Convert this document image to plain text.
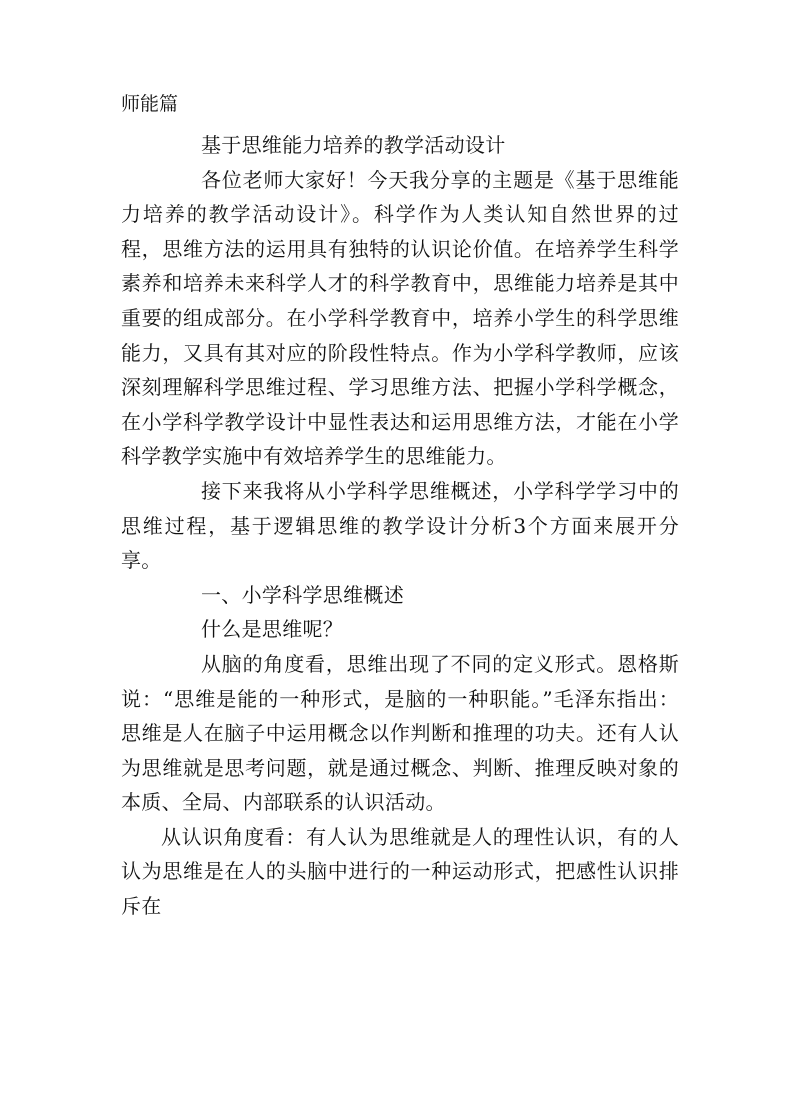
师能篇

基于思维能力培养的教学活动设计

各位老师大家好！今天我分享的主题是《基于思维能力培养的教学活动设计》。科学作为人类认知自然世界的过程，思维方法的运用具有独特的认识论价值。在培养学生科学素养和培养未来科学人才的科学教育中，思维能力培养是其中重要的组成部分。在小学科学教育中，培养小学生的科学思维能力，又具有其对应的阶段性特点。作为小学科学教师，应该深刻理解科学思维过程、学习思维方法、把握小学科学概念，在小学科学教学设计中显性表达和运用思维方法，才能在小学科学教学实施中有效培养学生的思维能力。

接下来我将从小学科学思维概述，小学科学学习中的思维过程，基于逻辑思维的教学设计分析3个方面来展开分享。

一、小学科学思维概述

什么是思维呢？

从脑的角度看，思维出现了不同的定义形式。恩格斯说：“思维是能的一种形式，是脑的一种职能。”毛泽东指出：思维是人在脑子中运用概念以作判断和推理的功夫。还有人认为思维就是思考问题，就是通过概念、判断、推理反映对象的本质、全局、内部联系的认识活动。

从认识角度看：有人认为思维就是人的理性认识，有的人认为思维是在人的头脑中进行的一种运动形式，把感性认识排斥在
